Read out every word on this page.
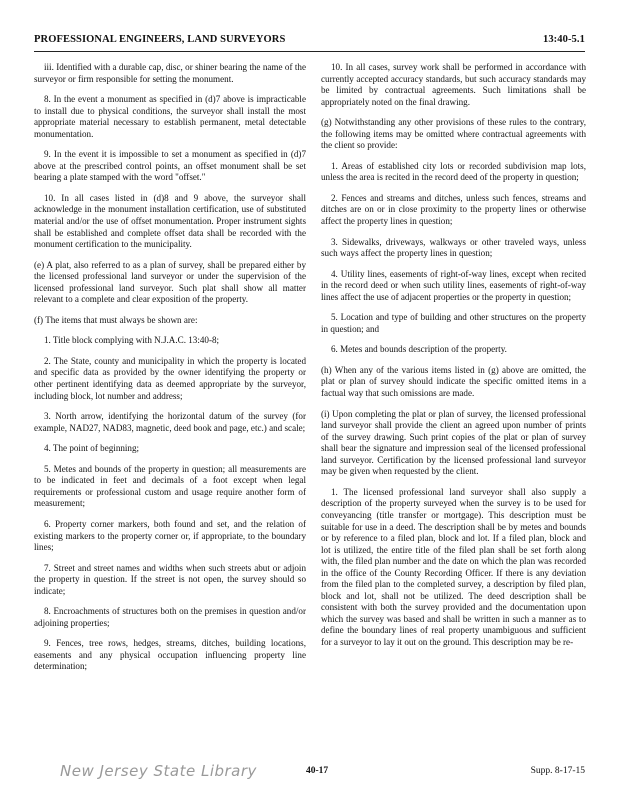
PROFESSIONAL ENGINEERS, LAND SURVEYORS	13:40-5.1

iii. Identified with a durable cap, disc, or shiner bearing the name of the surveyor or firm responsible for setting the monument.

8. In the event a monument as specified in (d)7 above is impracticable to install due to physical conditions, the surveyor shall install the most appropriate material necessary to establish permanent, metal detectable monumentation.

9. In the event it is impossible to set a monument as specified in (d)7 above at the prescribed control points, an offset monument shall be set bearing a plate stamped with the word "offset."

10. In all cases listed in (d)8 and 9 above, the surveyor shall acknowledge in the monument installation certification, use of substituted material and/or the use of offset monumentation. Proper instrument sights shall be established and complete offset data shall be recorded with the monument certification to the municipality.

(e) A plat, also referred to as a plan of survey, shall be prepared either by the licensed professional land surveyor or under the supervision of the licensed professional land surveyor. Such plat shall show all matter relevant to a complete and clear exposition of the property.

(f) The items that must always be shown are:

1. Title block complying with N.J.A.C. 13:40-8;

2. The State, county and municipality in which the property is located and specific data as provided by the owner identifying the property or other pertinent identifying data as deemed appropriate by the surveyor, including block, lot number and address;

3. North arrow, identifying the horizontal datum of the survey (for example, NAD27, NAD83, magnetic, deed book and page, etc.) and scale;

4. The point of beginning;

5. Metes and bounds of the property in question; all measurements are to be indicated in feet and decimals of a foot except when legal requirements or professional custom and usage require another form of measurement;

6. Property corner markers, both found and set, and the relation of existing markers to the property corner or, if appropriate, to the boundary lines;

7. Street and street names and widths when such streets abut or adjoin the property in question. If the street is not open, the survey should so indicate;

8. Encroachments of structures both on the premises in question and/or adjoining properties;

9. Fences, tree rows, hedges, streams, ditches, building locations, easements and any physical occupation influencing property line determination;

10. In all cases, survey work shall be performed in accordance with currently accepted accuracy standards, but such accuracy standards may be limited by contractual agreements. Such limitations shall be appropriately noted on the final drawing.

(g) Notwithstanding any other provisions of these rules to the contrary, the following items may be omitted where contractual agreements with the client so provide:

1. Areas of established city lots or recorded subdivision map lots, unless the area is recited in the record deed of the property in question;

2. Fences and streams and ditches, unless such fences, streams and ditches are on or in close proximity to the property lines or otherwise affect the property lines in question;

3. Sidewalks, driveways, walkways or other traveled ways, unless such ways affect the property lines in question;

4. Utility lines, easements of right-of-way lines, except when recited in the record deed or when such utility lines, easements of right-of-way lines affect the use of adjacent properties or the property in question;

5. Location and type of building and other structures on the property in question; and

6. Metes and bounds description of the property.

(h) When any of the various items listed in (g) above are omitted, the plat or plan of survey should indicate the specific omitted items in a factual way that such omissions are made.

(i) Upon completing the plat or plan of survey, the licensed professional land surveyor shall provide the client an agreed upon number of prints of the survey drawing. Such print copies of the plat or plan of survey shall bear the signature and impression seal of the licensed professional land surveyor. Certification by the licensed professional land surveyor may be given when requested by the client.

1. The licensed professional land surveyor shall also supply a description of the property surveyed when the survey is to be used for conveyancing (title transfer or mortgage). This description must be suitable for use in a deed. The description shall be by metes and bounds or by reference to a filed plan, block and lot. If a filed plan, block and lot is utilized, the entire title of the filed plan shall be set forth along with, the filed plan number and the date on which the plan was recorded in the office of the County Recording Officer. If there is any deviation from the filed plan to the completed survey, a description by filed plan, block and lot, shall not be utilized. The deed description shall be consistent with both the survey provided and the documentation upon which the survey was based and shall be written in such a manner as to define the boundary lines of real property unambiguous and sufficient for a surveyor to lay it out on the ground. This description may be re-

New Jersey State Library	40-17	Supp. 8-17-15
